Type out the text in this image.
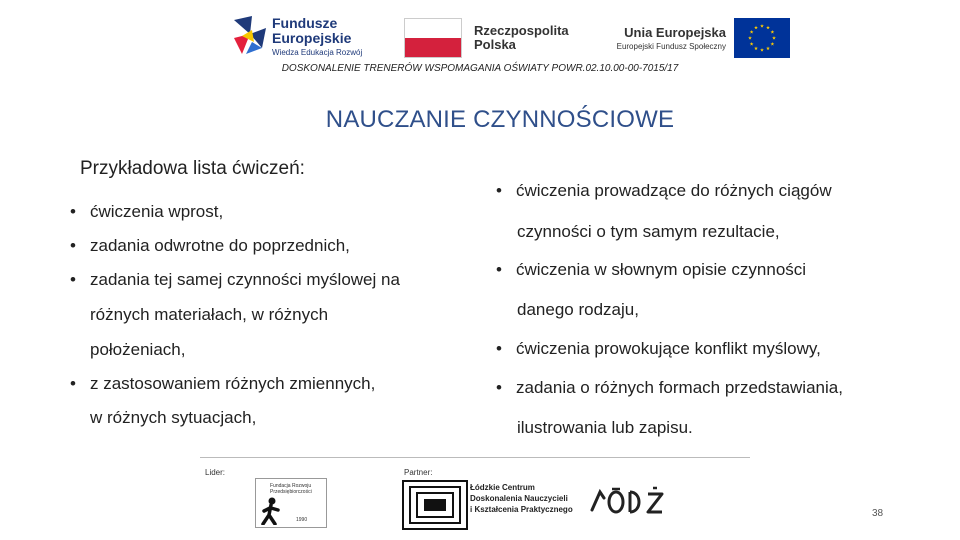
Fundusze
Europejskie
Wiedza Edukacja Rozwój
Rzeczpospolita
Polska
Unia Europejska
Europejski Fundusz Społeczny
DOSKONALENIE TRENERÓW WSPOMAGANIA OŚWIATY POWR.02.10.00-00-7015/17
NAUCZANIE CZYNNOŚCIOWE
Przykładowa lista ćwiczeń:
• ćwiczenia wprost,
• zadania odwrotne do poprzednich,
• zadania tej samej czynności myślowej na
różnych materiałach, w różnych
położeniach,
• z zastosowaniem różnych zmiennych,
w różnych sytuacjach,
• ćwiczenia prowadzące do różnych ciągów
czynności o tym samym rezultacie,
• ćwiczenia w słownym opisie czynności
danego rodzaju,
• ćwiczenia prowokujące konflikt myślowy,
• zadania o różnych formach przedstawiania,
ilustrowania lub zapisu.
Lider:	Partner:
Fundacja Rozwoju
Przedsiębiorczości
1990
Łódzkie Centrum
Doskonalenia Nauczycieli
i Kształcenia Praktycznego	38
